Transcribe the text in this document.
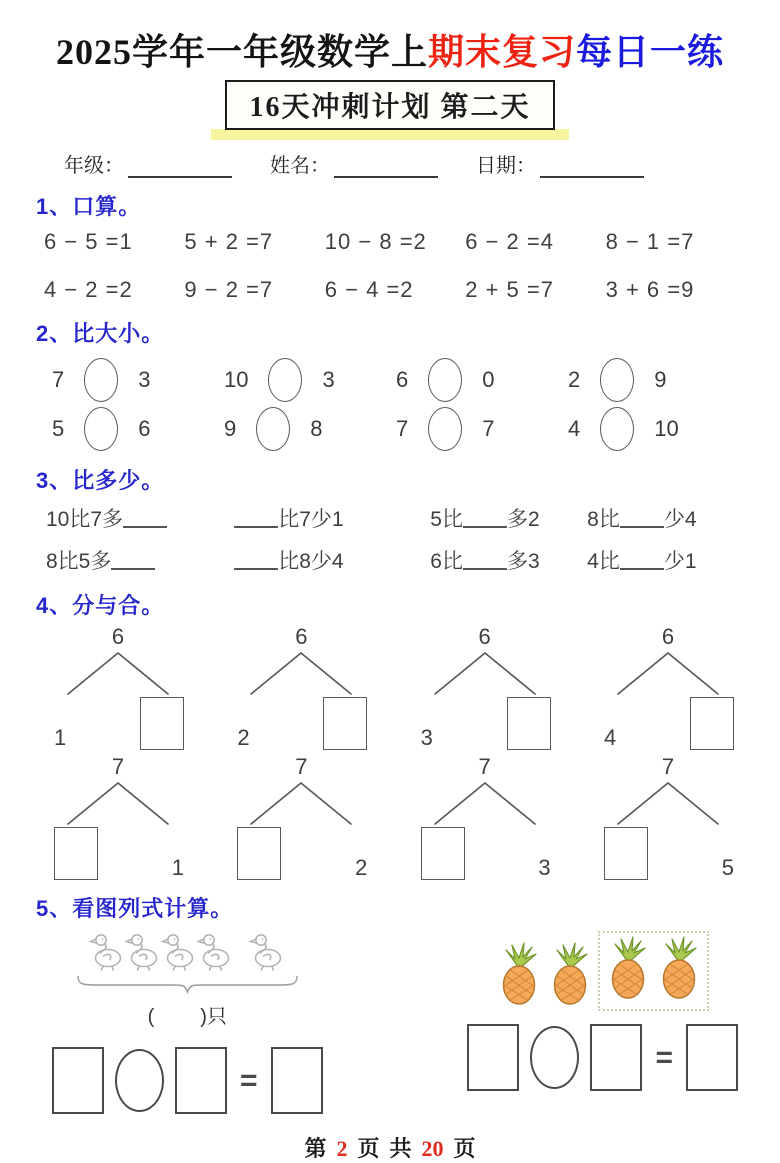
2025学年一年级数学上期末复习每日一练
16天冲刺计划 第二天
年级：	姓名：	日期：
1、口算。
6 − 5 =1	5 + 2 =7	10 − 8 =2	6 − 2 =4	8 − 1 =7
4 − 2 =2	9 − 2 =7	6 − 4 =2	2 + 5 =7	3 + 6 =9
2、比大小。
7	3	10	3	6	0	2	9
5	6	9	8	7	7	4	10
3、比多少。
10比7多	比7少1	5比 多2	8比 少4
8比5多	比8少4	6比 多3	4比 少1
4、分与合。
6
1
6
2
6
3
6
4
7
1
7
2
7
3
7
5
5、看图列式计算。
( )只
=
=
第 2 页 共 20 页
